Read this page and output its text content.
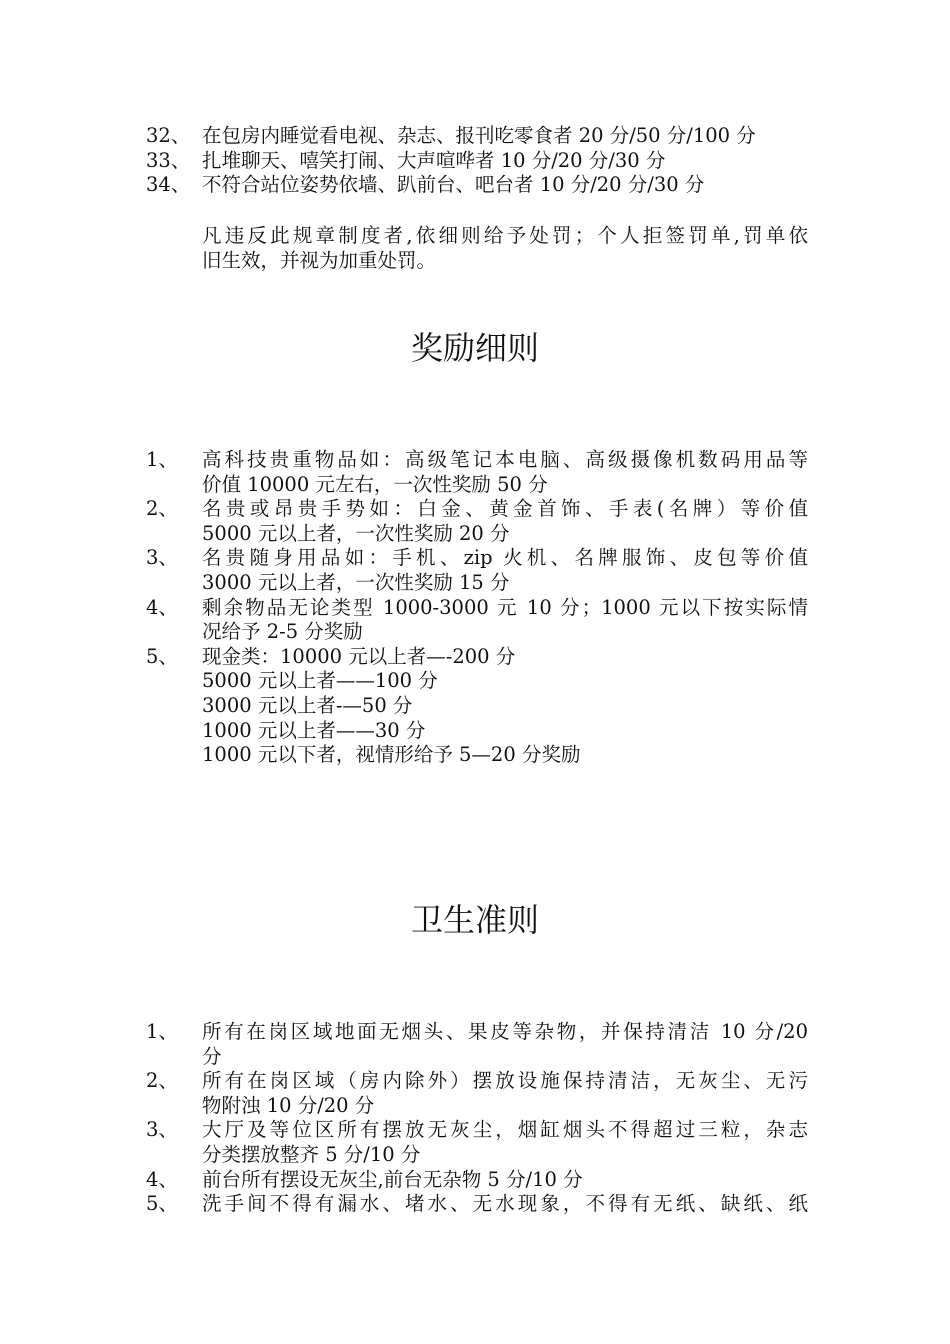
32、 在包房内睡觉看电视、杂志、报刊吃零食者 20 分/50 分/100 分
33、 扎堆聊天、嘻笑打闹、大声喧哗者 10 分/20 分/30 分
34、 不符合站位姿势依墙、趴前台、吧台者 10 分/20 分/30 分
凡违反此规章制度者,依细则给予处罚；个人拒签罚单,罚单依
旧生效，并视为加重处罚。
奖励细则
1、 高科技贵重物品如：高级笔记本电脑、高级摄像机数码用品等
价值 10000 元左右，一次性奖励 50 分
2、 名贵或昂贵手势如：白金、黄金首饰、手表(名牌）等价值
5000 元以上者，一次性奖励 20 分
3、 名贵随身用品如：手机、zip 火机、名牌服饰、皮包等价值
3000 元以上者，一次性奖励 15 分
4、 剩余物品无论类型 1000-3000 元 10 分；1000 元以下按实际情
况给予 2-5 分奖励
5、 现金类：10000 元以上者—-200 分
5000 元以上者——100 分
3000 元以上者-—50 分
1000 元以上者——30 分
1000 元以下者，视情形给予 5—20 分奖励
卫生准则
1、 所有在岗区域地面无烟头、果皮等杂物，并保持清洁 10 分/20
分
2、 所有在岗区域（房内除外）摆放设施保持清洁，无灰尘、无污
物附浊 10 分/20 分
3、 大厅及等位区所有摆放无灰尘，烟缸烟头不得超过三粒，杂志
分类摆放整齐 5 分/10 分
4、 前台所有摆设无灰尘,前台无杂物 5 分/10 分
5、 洗手间不得有漏水、堵水、无水现象，不得有无纸、缺纸、纸
